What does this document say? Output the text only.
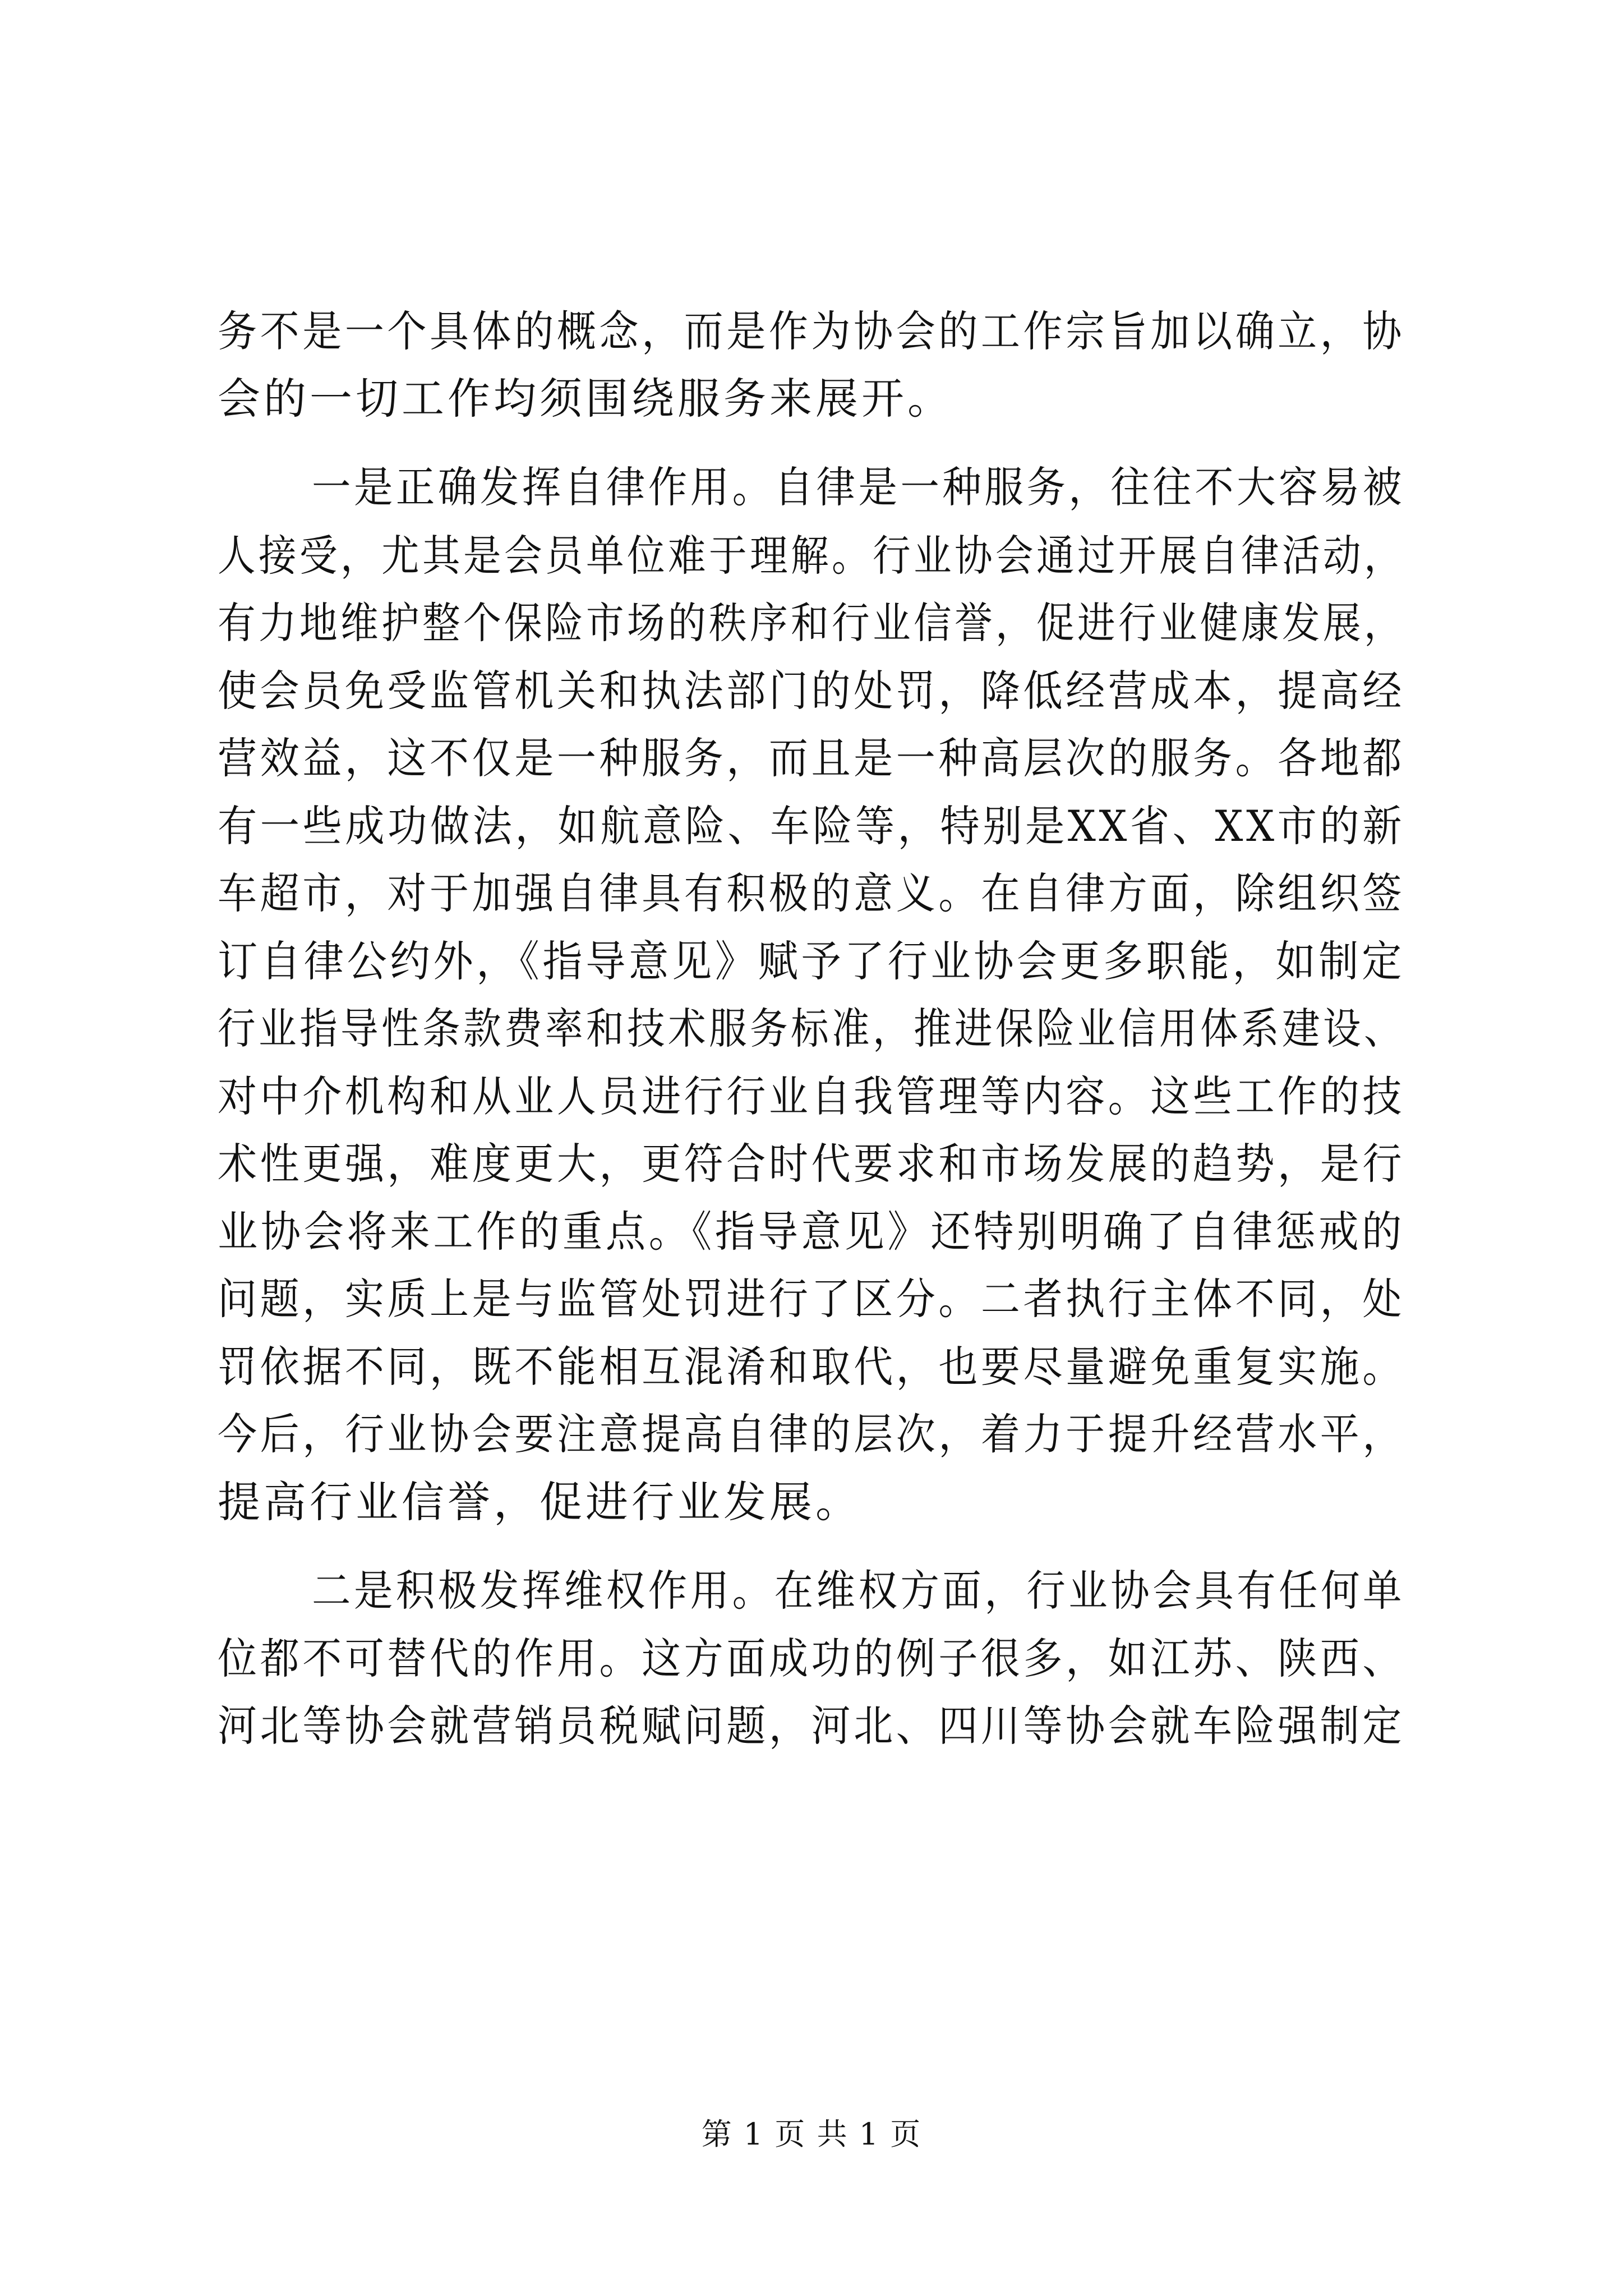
务不是一个具体的概念，而是作为协会的工作宗旨加以确立，协
会的一切工作均须围绕服务来展开。
一是正确发挥自律作用。自律是一种服务，往往不大容易被
人接受，尤其是会员单位难于理解。行业协会通过开展自律活动，
有力地维护整个保险市场的秩序和行业信誉，促进行业健康发展，
使会员免受监管机关和执法部门的处罚，降低经营成本，提高经
营效益，这不仅是一种服务，而且是一种高层次的服务。各地都
有一些成功做法，如航意险、车险等，特别是XX省、XX市的新
车超市，对于加强自律具有积极的意义。在自律方面，除组织签
订自律公约外，《指导意见》赋予了行业协会更多职能，如制定
行业指导性条款费率和技术服务标准，推进保险业信用体系建设、
对中介机构和从业人员进行行业自我管理等内容。这些工作的技
术性更强，难度更大，更符合时代要求和市场发展的趋势，是行
业协会将来工作的重点。《指导意见》还特别明确了自律惩戒的
问题，实质上是与监管处罚进行了区分。二者执行主体不同，处
罚依据不同，既不能相互混淆和取代，也要尽量避免重复实施。
今后，行业协会要注意提高自律的层次，着力于提升经营水平，
提高行业信誉，促进行业发展。
二是积极发挥维权作用。在维权方面，行业协会具有任何单
位都不可替代的作用。这方面成功的例子很多，如江苏、陕西、
河北等协会就营销员税赋问题，河北、四川等协会就车险强制定
第 1 页 共 1 页
